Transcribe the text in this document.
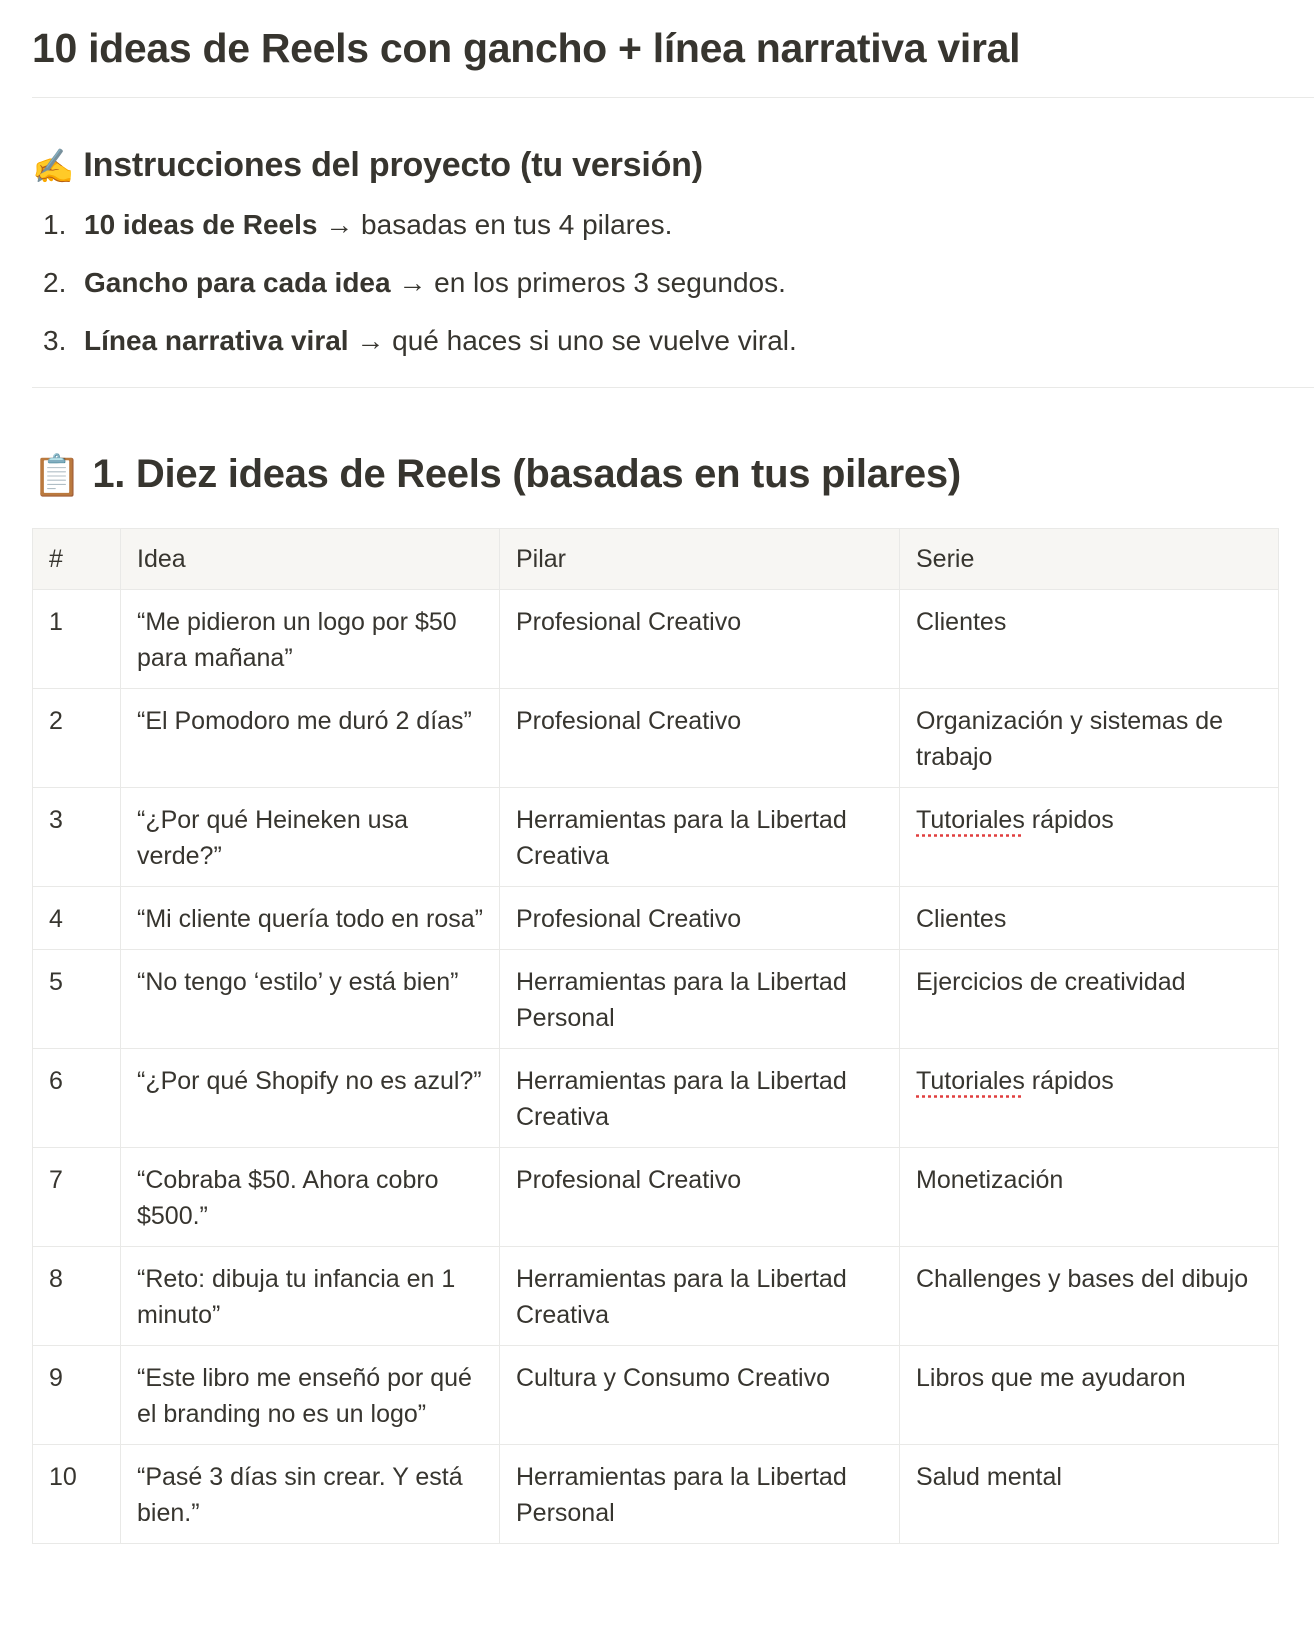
10 ideas de Reels con gancho + línea narrativa viral
✍️ Instrucciones del proyecto (tu versión)
1. 10 ideas de Reels → basadas en tus 4 pilares.
2. Gancho para cada idea → en los primeros 3 segundos.
3. Línea narrativa viral → qué haces si uno se vuelve viral.
📋 1. Diez ideas de Reels (basadas en tus pilares)
#	Idea	Pilar	Serie
1	“Me pidieron un logo por $50 para mañana”	Profesional Creativo	Clientes
2	“El Pomodoro me duró 2 días”	Profesional Creativo	Organización y sistemas de trabajo
3	“¿Por qué Heineken usa verde?”	Herramientas para la Libertad Creativa	Tutoriales rápidos
4	“Mi cliente quería todo en rosa”	Profesional Creativo	Clientes
5	“No tengo ‘estilo’ y está bien”	Herramientas para la Libertad Personal	Ejercicios de creatividad
6	“¿Por qué Shopify no es azul?”	Herramientas para la Libertad Creativa	Tutoriales rápidos
7	“Cobraba $50. Ahora cobro $500.”	Profesional Creativo	Monetización
8	“Reto: dibuja tu infancia en 1 minuto”	Herramientas para la Libertad Creativa	Challenges y bases del dibujo
9	“Este libro me enseñó por qué el branding no es un logo”	Cultura y Consumo Creativo	Libros que me ayudaron
10	“Pasé 3 días sin crear. Y está bien.”	Herramientas para la Libertad Personal	Salud mental
